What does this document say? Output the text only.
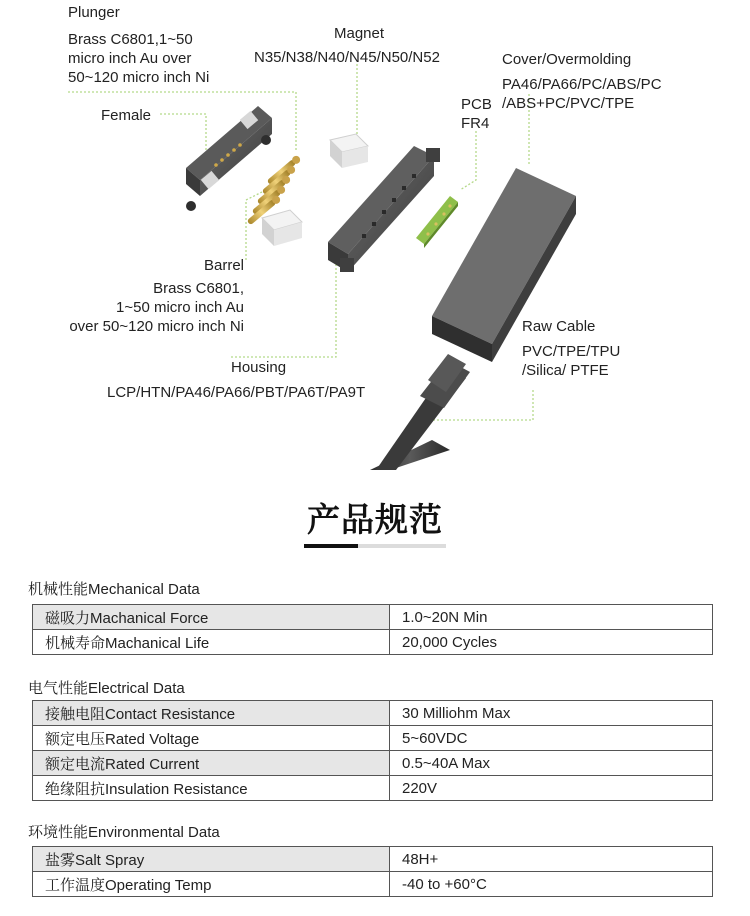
Plunger
Brass C6801,1~50
micro inch Au over
50~120 micro inch Ni
Magnet
N35/N38/N40/N45/N50/N52	Cover/Overmolding
PA46/PA66/PC/ABS/PC
/ABS+PC/PVC/TPE
Female
PCB
FR4
Barrel
Brass C6801,
1~50 micro inch Au
over 50~120 micro inch Ni	Raw Cable
PVC/TPE/TPU
/Silica/ PTFE
Housing
LCP/HTN/PA46/PA66/PBT/PA6T/PA9T
产品规范
机械性能Mechanical Data
磁吸力Machanical Force	1.0~20N Min
机械寿命Machanical Life	20,000 Cycles
电气性能Electrical Data
接触电阻Contact Resistance	30 Milliohm Max
额定电压Rated Voltage	5~60VDC
额定电流Rated Current	0.5~40A Max
绝缘阻抗Insulation Resistance	220V
环境性能Environmental Data
盐雾Salt Spray	48H+
工作温度Operating Temp	-40 to +60°C
